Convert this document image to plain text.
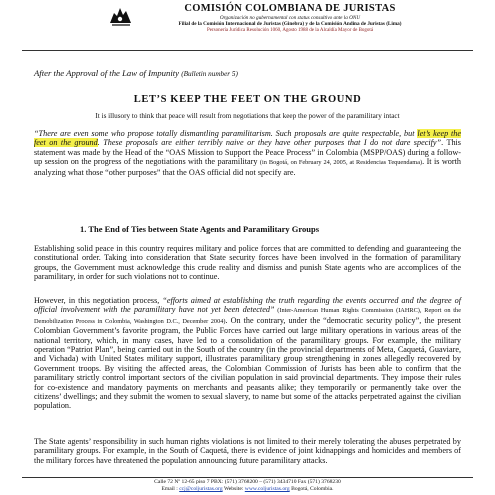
COMISIÓN COLOMBIANA DE JURISTAS
Organización no gubernamental con status consultivo ante la ONU
Filial de la Comisión Internacional de Juristas (Ginebra) y de la Comisión Andina de Juristas (Lima)
Personería Jurídica Resolución 1060, Agosto 1988 de la Alcaldía Mayor de Bogotá
After the Approval of the Law of Impunity (Bulletin number 5)
LET’S KEEP THE FEET ON THE GROUND
It is illusory to think that peace will result from negotiations that keep the power of the paramilitary intact

“There are even some who propose totally dismantling paramilitarism. Such proposals are quite respectable, but let’s keep the feet on the ground. These proposals are either terribly naive or they have other purposes that I do not dare specify”. This statement was made by the Head of the “OAS Mission to Support the Peace Process” in Colombia (MSPP/OAS) during a follow-up session on the progress of the negotiations with the paramilitary (in Bogotá, on February 24, 2005, at Residencias Tequendama). It is worth analyzing what those “other purposes” that the OAS official did not specify are.

1. The End of Ties between State Agents and Paramilitary Groups

Establishing solid peace in this country requires military and police forces that are committed to defending and guaranteeing the constitutional order. Taking into consideration that State security forces have been involved in the formation of paramilitary groups, the Government must acknowledge this crude reality and dismiss and punish State agents who are accomplices of the paramilitary, in order for such violations not to continue.

However, in this negotiation process, “efforts aimed at establishing the truth regarding the events occurred and the degree of official involvement with the paramilitary have not yet been detected” (Inter-American Human Rights Commission (IAHRC), Report on the Demobilization Process in Colombia, Washington D.C., December 2004). On the contrary, under the “democratic security policy”, the present Colombian Government’s favorite program, the Public Forces have carried out large military operations in various areas of the national territory, which, in many cases, have led to a consolidation of the paramilitary groups. For example, the military operation “Patriot Plan”, being carried out in the South of the country (in the provincial departments of Meta, Caquetá, Guaviare, and Vichada) with United States military support, illustrates paramilitary group strengthening in zones allegedly recovered by Government troops. By visiting the affected areas, the Colombian Commission of Jurists has been able to confirm that the paramilitary strictly control important sectors of the civilian population in said provincial departments. They impose their rules for co-existence and mandatory payments on merchants and peasants alike; they temporarily or permanently take over the citizens’ dwellings; and they submit the women to sexual slavery, to name but some of the attacks perpetrated against the civilian population.

The State agents’ responsibility in such human rights violations is not limited to their merely tolerating the abuses perpetrated by paramilitary groups. For example, in the South of Caquetá, there is evidence of joint kidnappings and homicides and members of the military forces have threatened the population announcing future paramilitary attacks.

Calle 72 Nº 12-65 piso 7 PBX: (571) 3768200 – (571) 3434710 Fax (571) 3768230
Email : ccj@coljuristas.org Website: www.coljuristas.org Bogotá, Colombia.
